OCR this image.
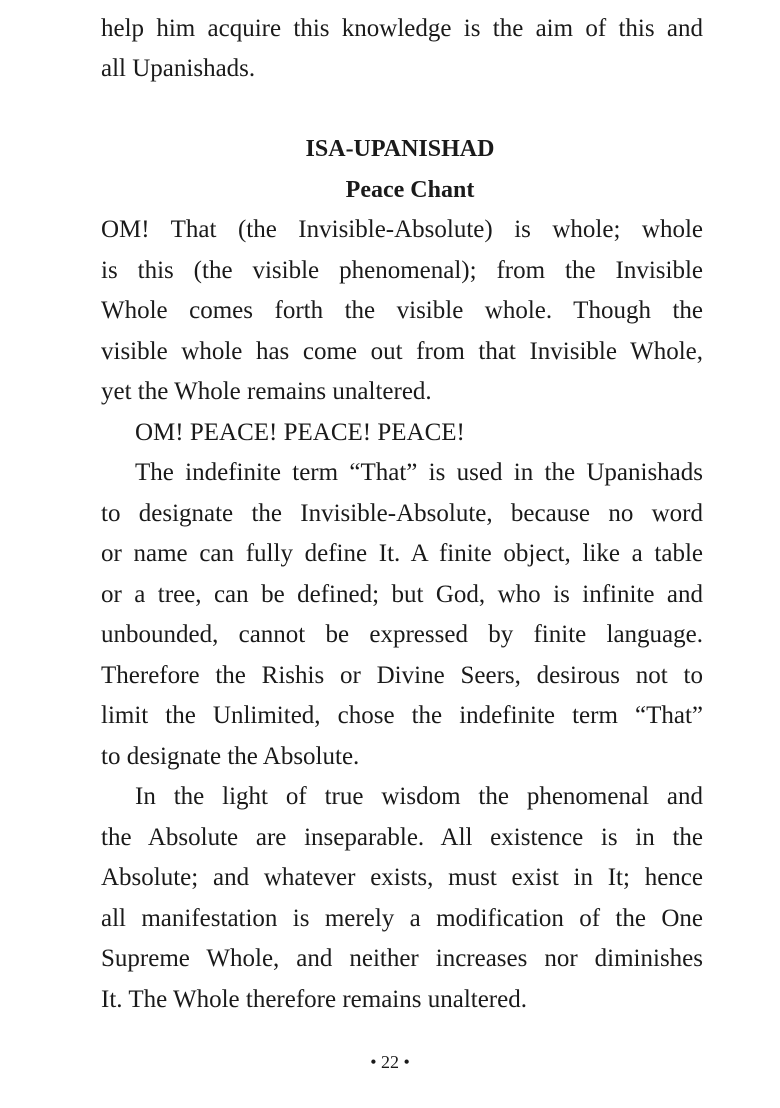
help him acquire this knowledge is the aim of this and
all Upanishads.
ISA-UPANISHAD
Peace Chant
OM! That (the Invisible-Absolute) is whole; whole
is this (the visible phenomenal); from the Invisible
Whole comes forth the visible whole. Though the
visible whole has come out from that Invisible Whole,
yet the Whole remains unaltered.
OM! PEACE! PEACE! PEACE!
The indefinite term “That” is used in the Upanishads
to designate the Invisible-Absolute, because no word
or name can fully define It. A finite object, like a table
or a tree, can be defined; but God, who is infinite and
unbounded, cannot be expressed by finite language.
Therefore the Rishis or Divine Seers, desirous not to
limit the Unlimited, chose the indefinite term “That”
to designate the Absolute.
In the light of true wisdom the phenomenal and
the Absolute are inseparable. All existence is in the
Absolute; and whatever exists, must exist in It; hence
all manifestation is merely a modification of the One
Supreme Whole, and neither increases nor diminishes
It. The Whole therefore remains unaltered.
• 22 •
